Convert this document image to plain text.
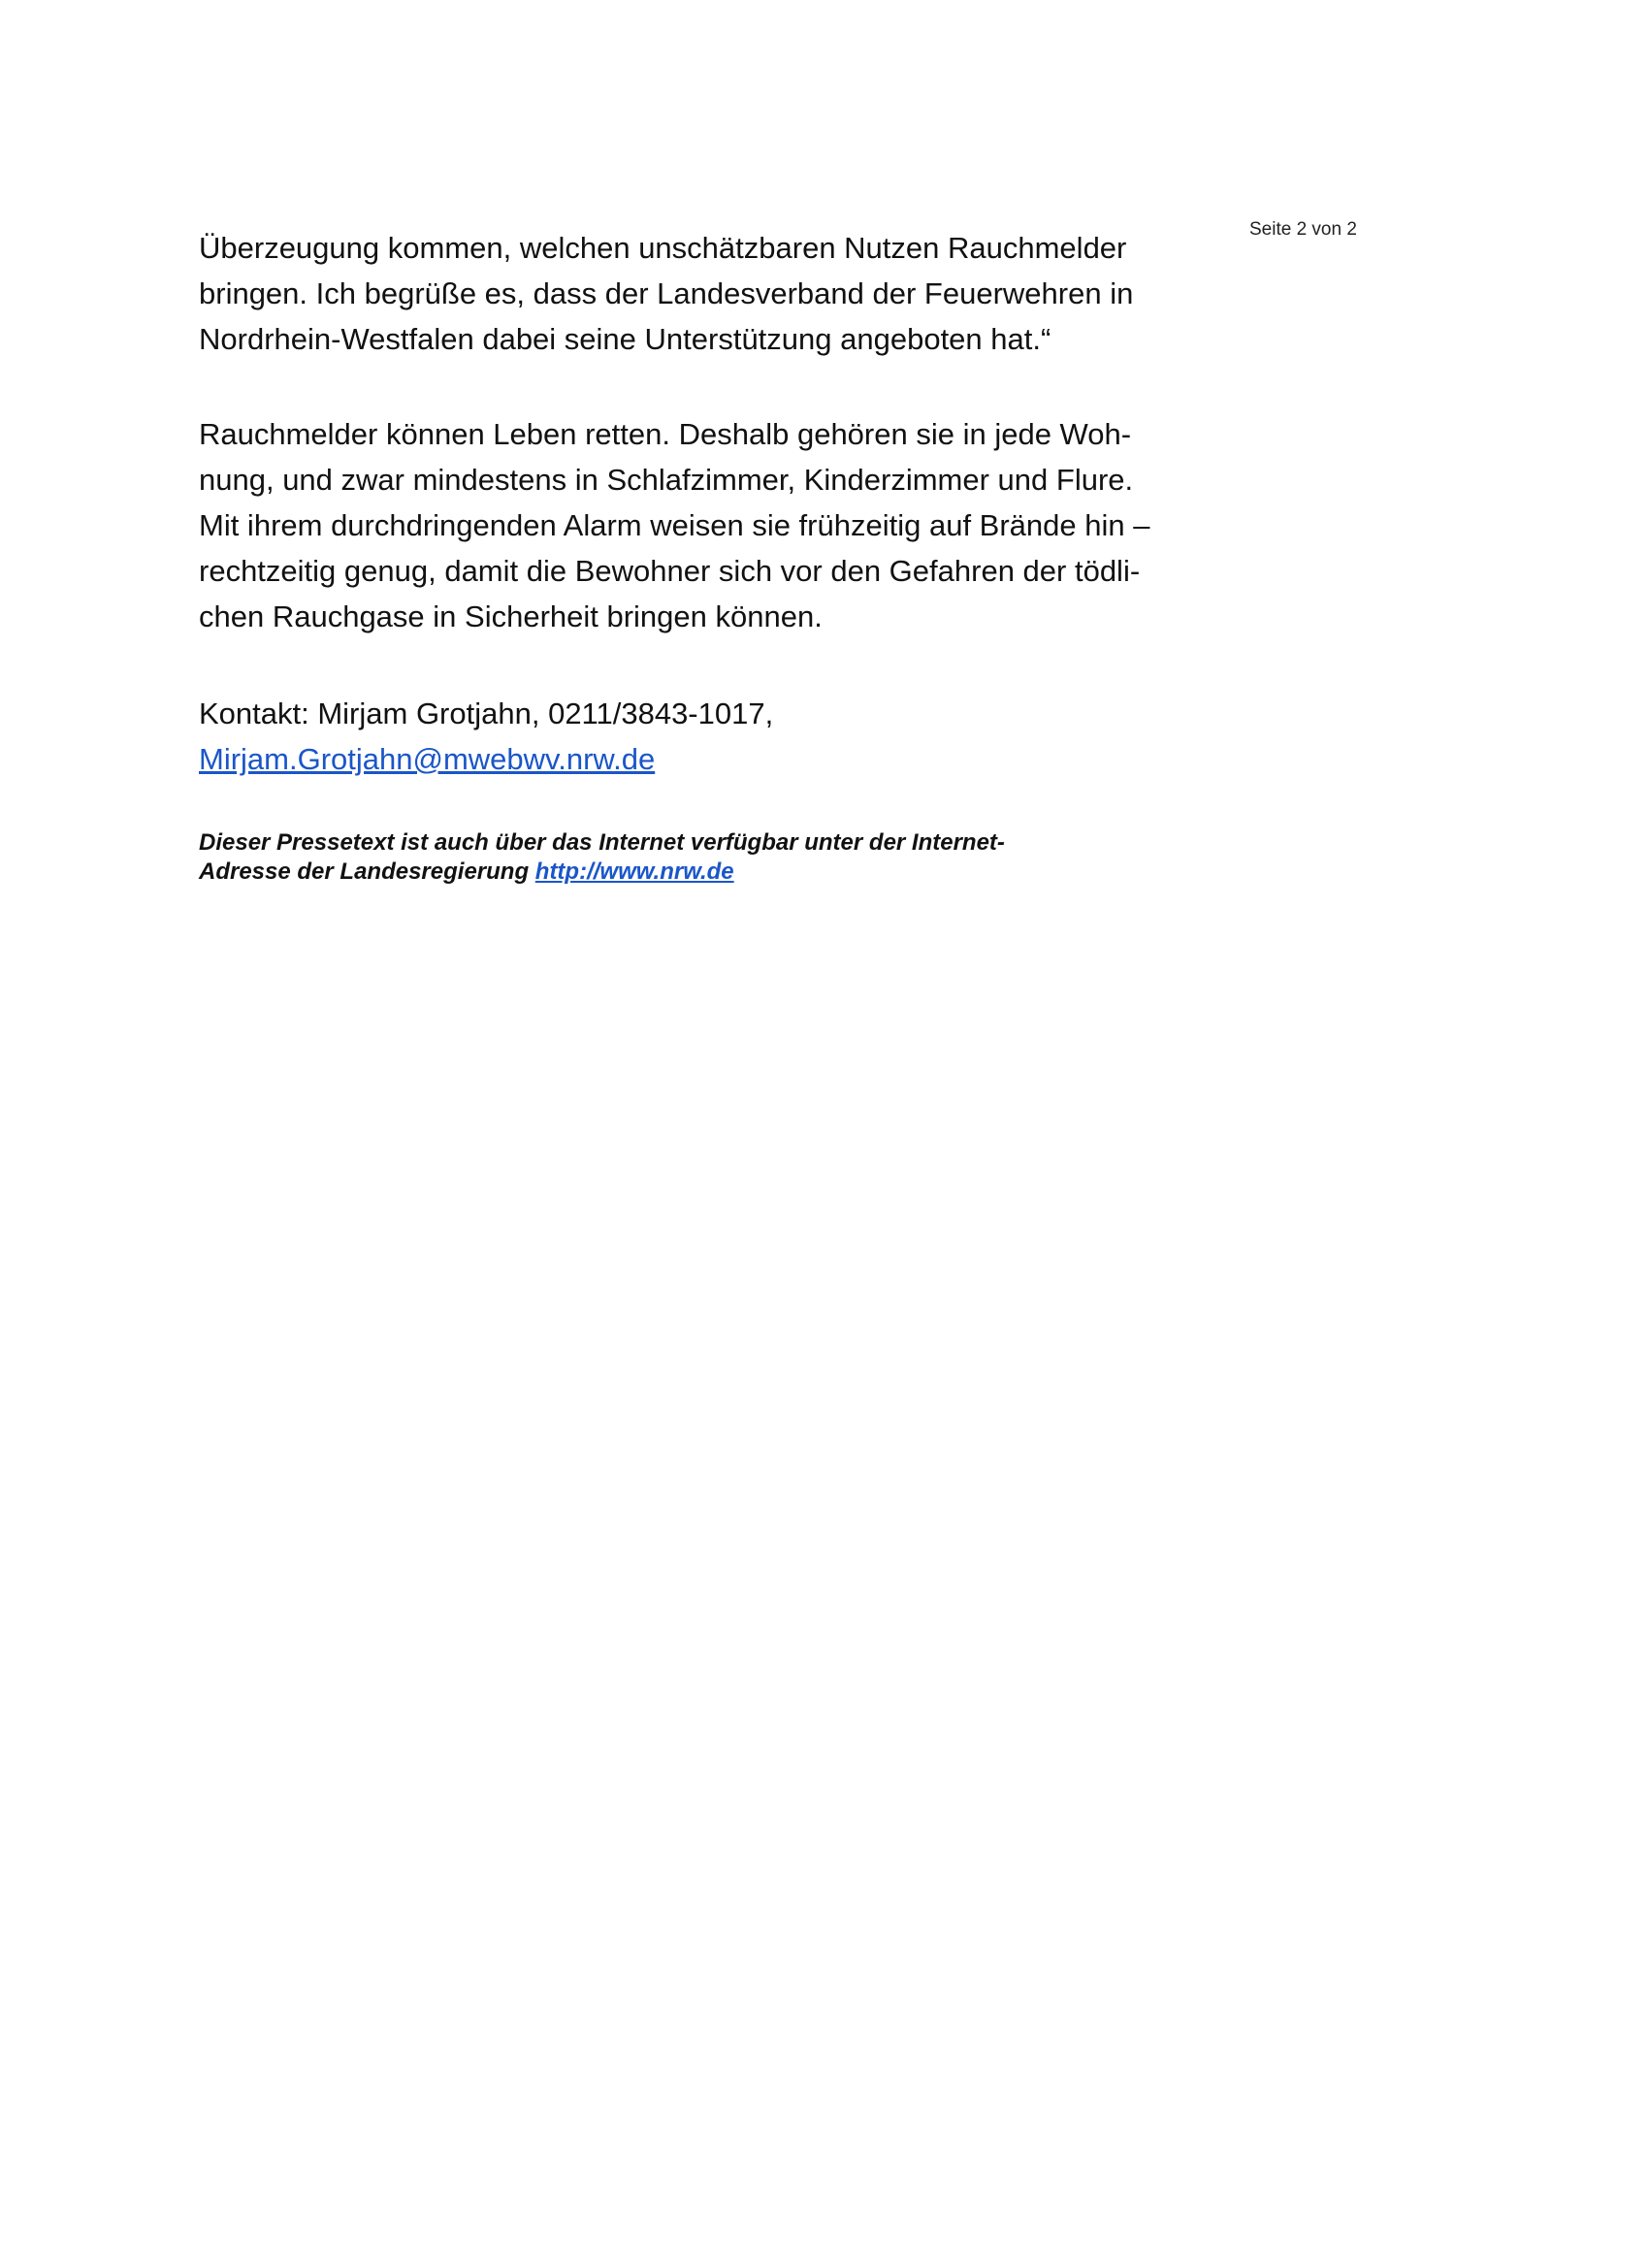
Seite 2 von 2
Überzeugung kommen, welchen unschätzbaren Nutzen Rauchmelder
bringen. Ich begrüße es, dass der Landesverband der Feuerwehren in
Nordrhein-Westfalen dabei seine Unterstützung angeboten hat.“
Rauchmelder können Leben retten. Deshalb gehören sie in jede Woh-
nung, und zwar mindestens in Schlafzimmer, Kinderzimmer und Flure.
Mit ihrem durchdringenden Alarm weisen sie frühzeitig auf Brände hin –
rechtzeitig genug, damit die Bewohner sich vor den Gefahren der tödli-
chen Rauchgase in Sicherheit bringen können.
Kontakt: Mirjam Grotjahn, 0211/3843-1017,
Mirjam.Grotjahn@mwebwv.nrw.de
Dieser Pressetext ist auch über das Internet verfügbar unter der Internet-
Adresse der Landesregierung http://www.nrw.de
